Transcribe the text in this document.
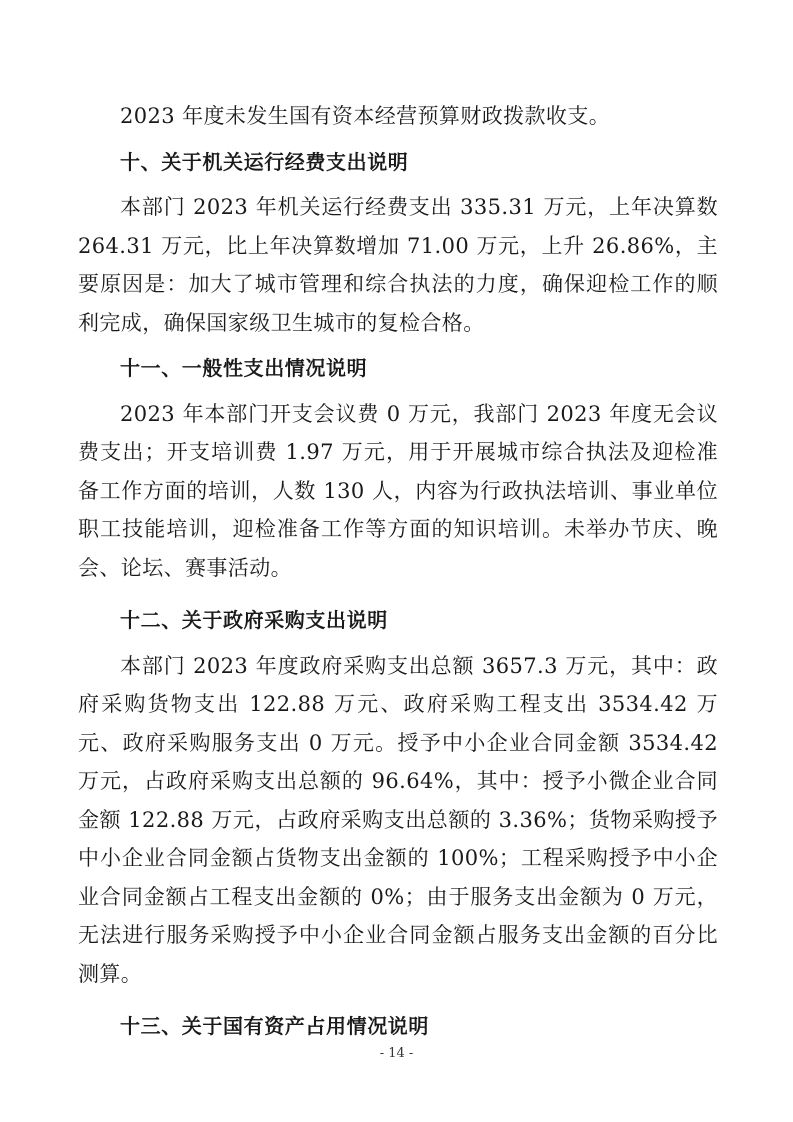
2023 年度未发生国有资本经营预算财政拨款收支。

十、关于机关运行经费支出说明

本部门 2023 年机关运行经费支出 335.31 万元，上年决算数 264.31 万元，比上年决算数增加 71.00 万元，上升 26.86%，主要原因是：加大了城市管理和综合执法的力度，确保迎检工作的顺利完成，确保国家级卫生城市的复检合格。

十一、一般性支出情况说明

2023 年本部门开支会议费 0 万元，我部门 2023 年度无会议费支出；开支培训费 1.97 万元，用于开展城市综合执法及迎检准备工作方面的培训，人数 130 人，内容为行政执法培训、事业单位职工技能培训，迎检准备工作等方面的知识培训。未举办节庆、晚会、论坛、赛事活动。

十二、关于政府采购支出说明

本部门 2023 年度政府采购支出总额 3657.3 万元，其中：政府采购货物支出 122.88 万元、政府采购工程支出 3534.42 万元、政府采购服务支出 0 万元。授予中小企业合同金额 3534.42 万元，占政府采购支出总额的 96.64%，其中：授予小微企业合同金额 122.88 万元，占政府采购支出总额的 3.36%；货物采购授予中小企业合同金额占货物支出金额的 100%；工程采购授予中小企业合同金额占工程支出金额的 0%；由于服务支出金额为 0 万元，无法进行服务采购授予中小企业合同金额占服务支出金额的百分比测算。

十三、关于国有资产占用情况说明
- 14 -
